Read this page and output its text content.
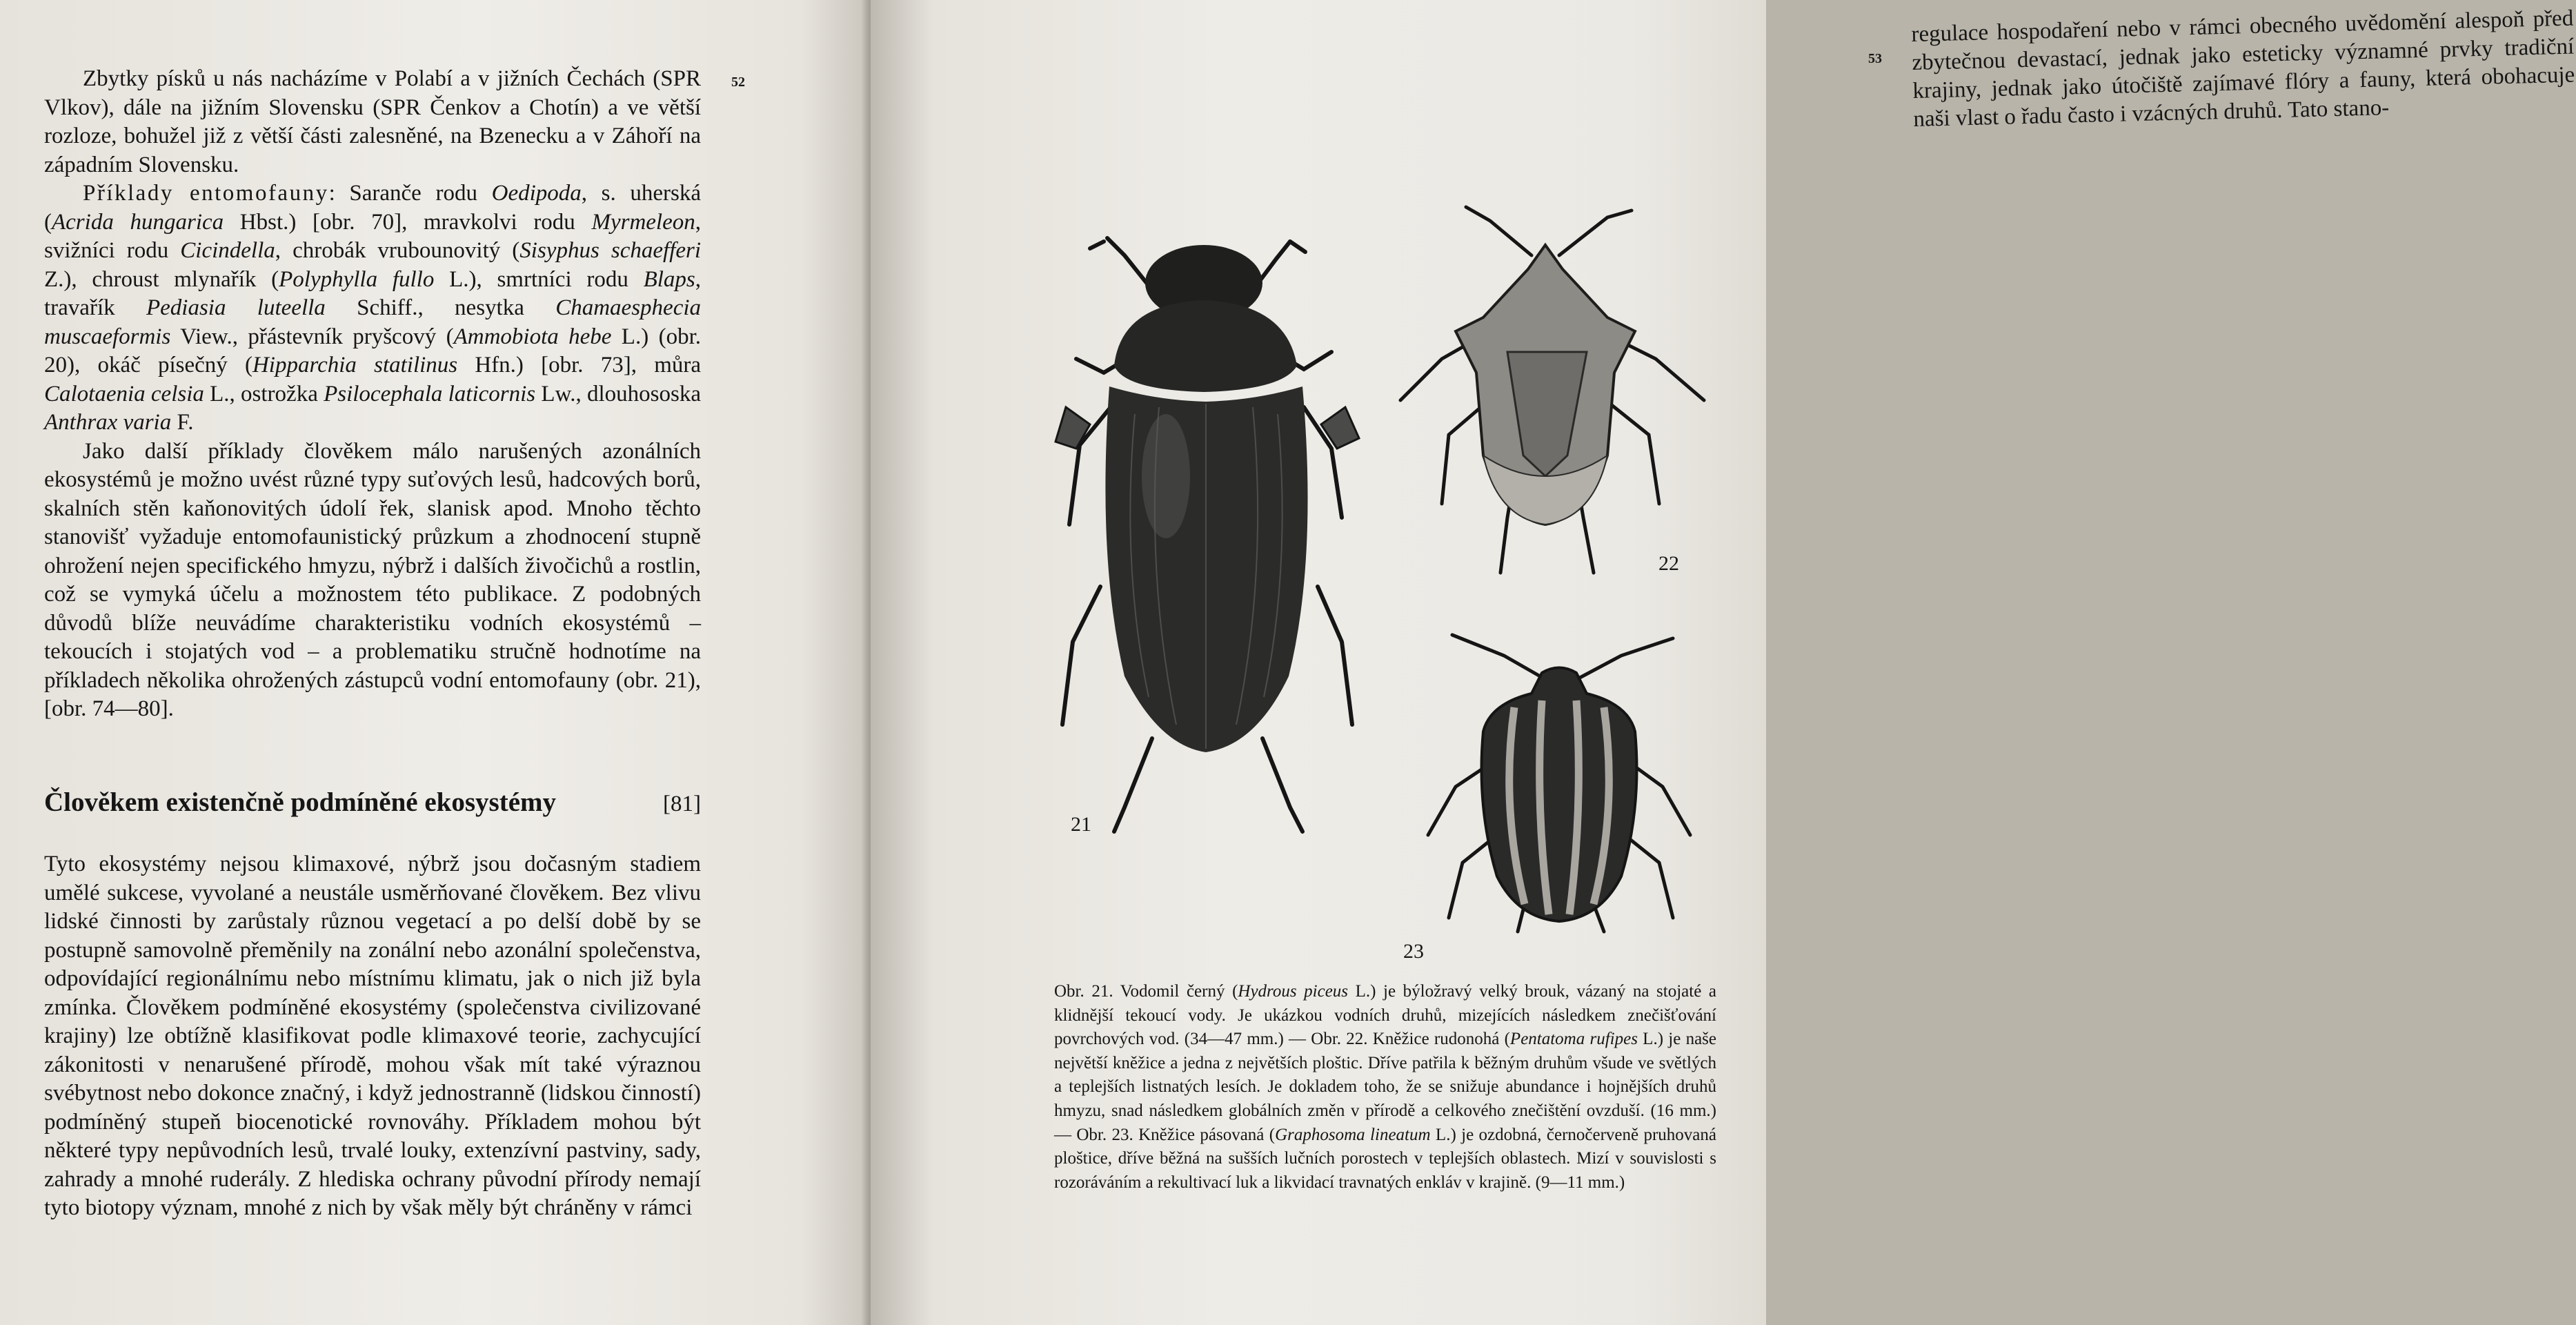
52

Zbytky písků u nás nacházíme v Polabí a v jižních Čechách (SPR Vlkov), dále na jižním Slovensku (SPR Čenkov a Chotín) a ve větší rozloze, bohužel již z větší části zalesněné, na Bzenecku a v Záhoří na západním Slovensku.

Příklady entomofauny: Sarančе rodu Oedipoda, s. uherská (Acrida hungarica Hbst.) [obr. 70], mravkolvi rodu Myrmeleon, svižníci rodu Cicindella, chrobák vrubounovitý (Sisyphus schaefferi Z.), chroust mlynařík (Polyphylla fullo L.), smrtníci rodu Blaps, travařík Pediasia luteella Schiff., nesytka Chamaesphecia muscaeformis View., přástevník pryšcový (Ammobiota hebe L.) (obr. 20), okáč písečný (Hipparchia statilinus Hfn.) [obr. 73], můra Calotaenia celsia L., ostrožka Psilocephala laticornis Lw., dlouhososka Anthrax varia F.

Jako další příklady člověkem málo narušených azonálních ekosystémů je možno uvést různé typy suťových lesů, hadcových borů, skalních stěn kaňonovitých údolí řek, slanisk apod. Mnoho těchto stanovišť vyžaduje entomofaunistický průzkum a zhodnocení stupně ohrožení nejen specifického hmyzu, nýbrž i dalších živočichů a rostlin, což se vymyká účelu a možnostem této publikace. Z podobných důvodů blíže neuvádíme charakteristiku vodních ekosystémů – tekoucích i stojatých vod – a problematiku stručně hodnotíme na příkladech několika ohrožených zástupců vodní entomofauny (obr. 21), [obr. 74—80].

Člověkem existenčně podmíněné ekosystémy	[81]
Tyto ekosystémy nejsou klimaxové, nýbrž jsou dočasným stadiem umělé sukcese, vyvolané a neustále usměrňované člověkem. Bez vlivu lidské činnosti by zarůstaly různou vegetací a po delší době by se postupně samovolně přeměnily na zonální nebo azonální společenstva, odpovídající regionálnímu nebo místnímu klimatu, jak o nich již byla zmínka. Člověkem podmíněné ekosystémy (společenstva civilizované krajiny) lze obtížně klasifikovat podle klimaxové teorie, zachycující zákonitosti v nenarušené přírodě, mohou však mít také výraznou svébytnost nebo dokonce značný, i když jednostranně (lidskou činností) podmíněný stupeň biocenotické rovnováhy. Příkladem mohou být některé typy nepůvodních lesů, trvalé louky, extenzívní pastviny, sady, zahrady a mnohé ruderály. Z hlediska ochrany původní přírody nemají tyto biotopy význam, mnohé z nich by však měly být chráněny v rámci
53
regulace hospodaření nebo v rámci obecného uvědomění alespoň před zbytečnou devastací, jednak jako esteticky významné prvky tradiční krajiny, jednak jako útočiště zajímavé flóry a fauny, která obohacuje naši vlast o řadu často i vzácných druhů. Tato stano-
21
22
23
Obr. 21. Vodomil černý (Hydrous piceus L.) je býložravý velký brouk, vázaný na stojaté a klidnější tekoucí vody. Je ukázkou vodních druhů, mizejících následkem znečišťování povrchových vod. (34—47 mm.) — Obr. 22. Kněžice rudonohá (Pentatoma rufipes L.) je naše největší kněžice a jedna z největších ploštic. Dříve patřila k běžným druhům všude ve světlých a teplejších listnatých lesích. Je dokladem toho, že se snižuje abundance i hojnějších druhů hmyzu, snad následkem globálních změn v přírodě a celkového znečištění ovzduší. (16 mm.) — Obr. 23. Kněžice pásovaná (Graphosoma lineatum L.) je ozdobná, černočerveně pruhovaná ploštice, dříve běžná na sušších lučních porostech v teplejších oblastech. Mizí v souvislosti s rozoráváním a rekultivací luk a likvidací travnatých enkláv v krajině. (9—11 mm.)
